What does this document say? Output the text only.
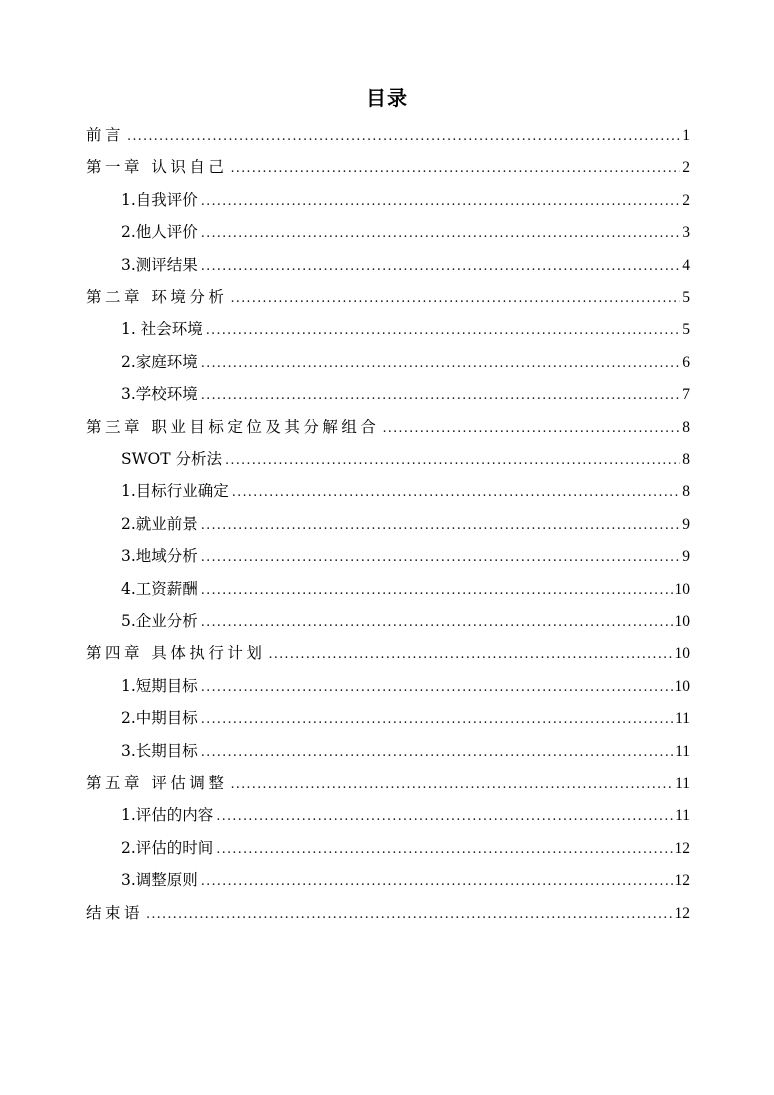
目录
前言 .....	1
第一章 认识自己 .....	2
1.自我评价 .....	2
2.他人评价 .....	3
3.测评结果 .....	4
第二章 环境分析 .....	5
1. 社会环境 .....	5
2.家庭环境 .....	6
3.学校环境 .....	7
第三章 职业目标定位及其分解组合 .....	8
SWOT 分析法 .....	8
1.目标行业确定 .....	8
2.就业前景 .....	9
3.地域分析 .....	9
4.工资薪酬 .....	10
5.企业分析 .....	10
第四章 具体执行计划 .....	10
1.短期目标 .....	10
2.中期目标 .....	11
3.长期目标 .....	11
第五章 评估调整 .....	11
1.评估的内容 .....	11
2.评估的时间 .....	12
3.调整原则 .....	12
结束语 .....	12
